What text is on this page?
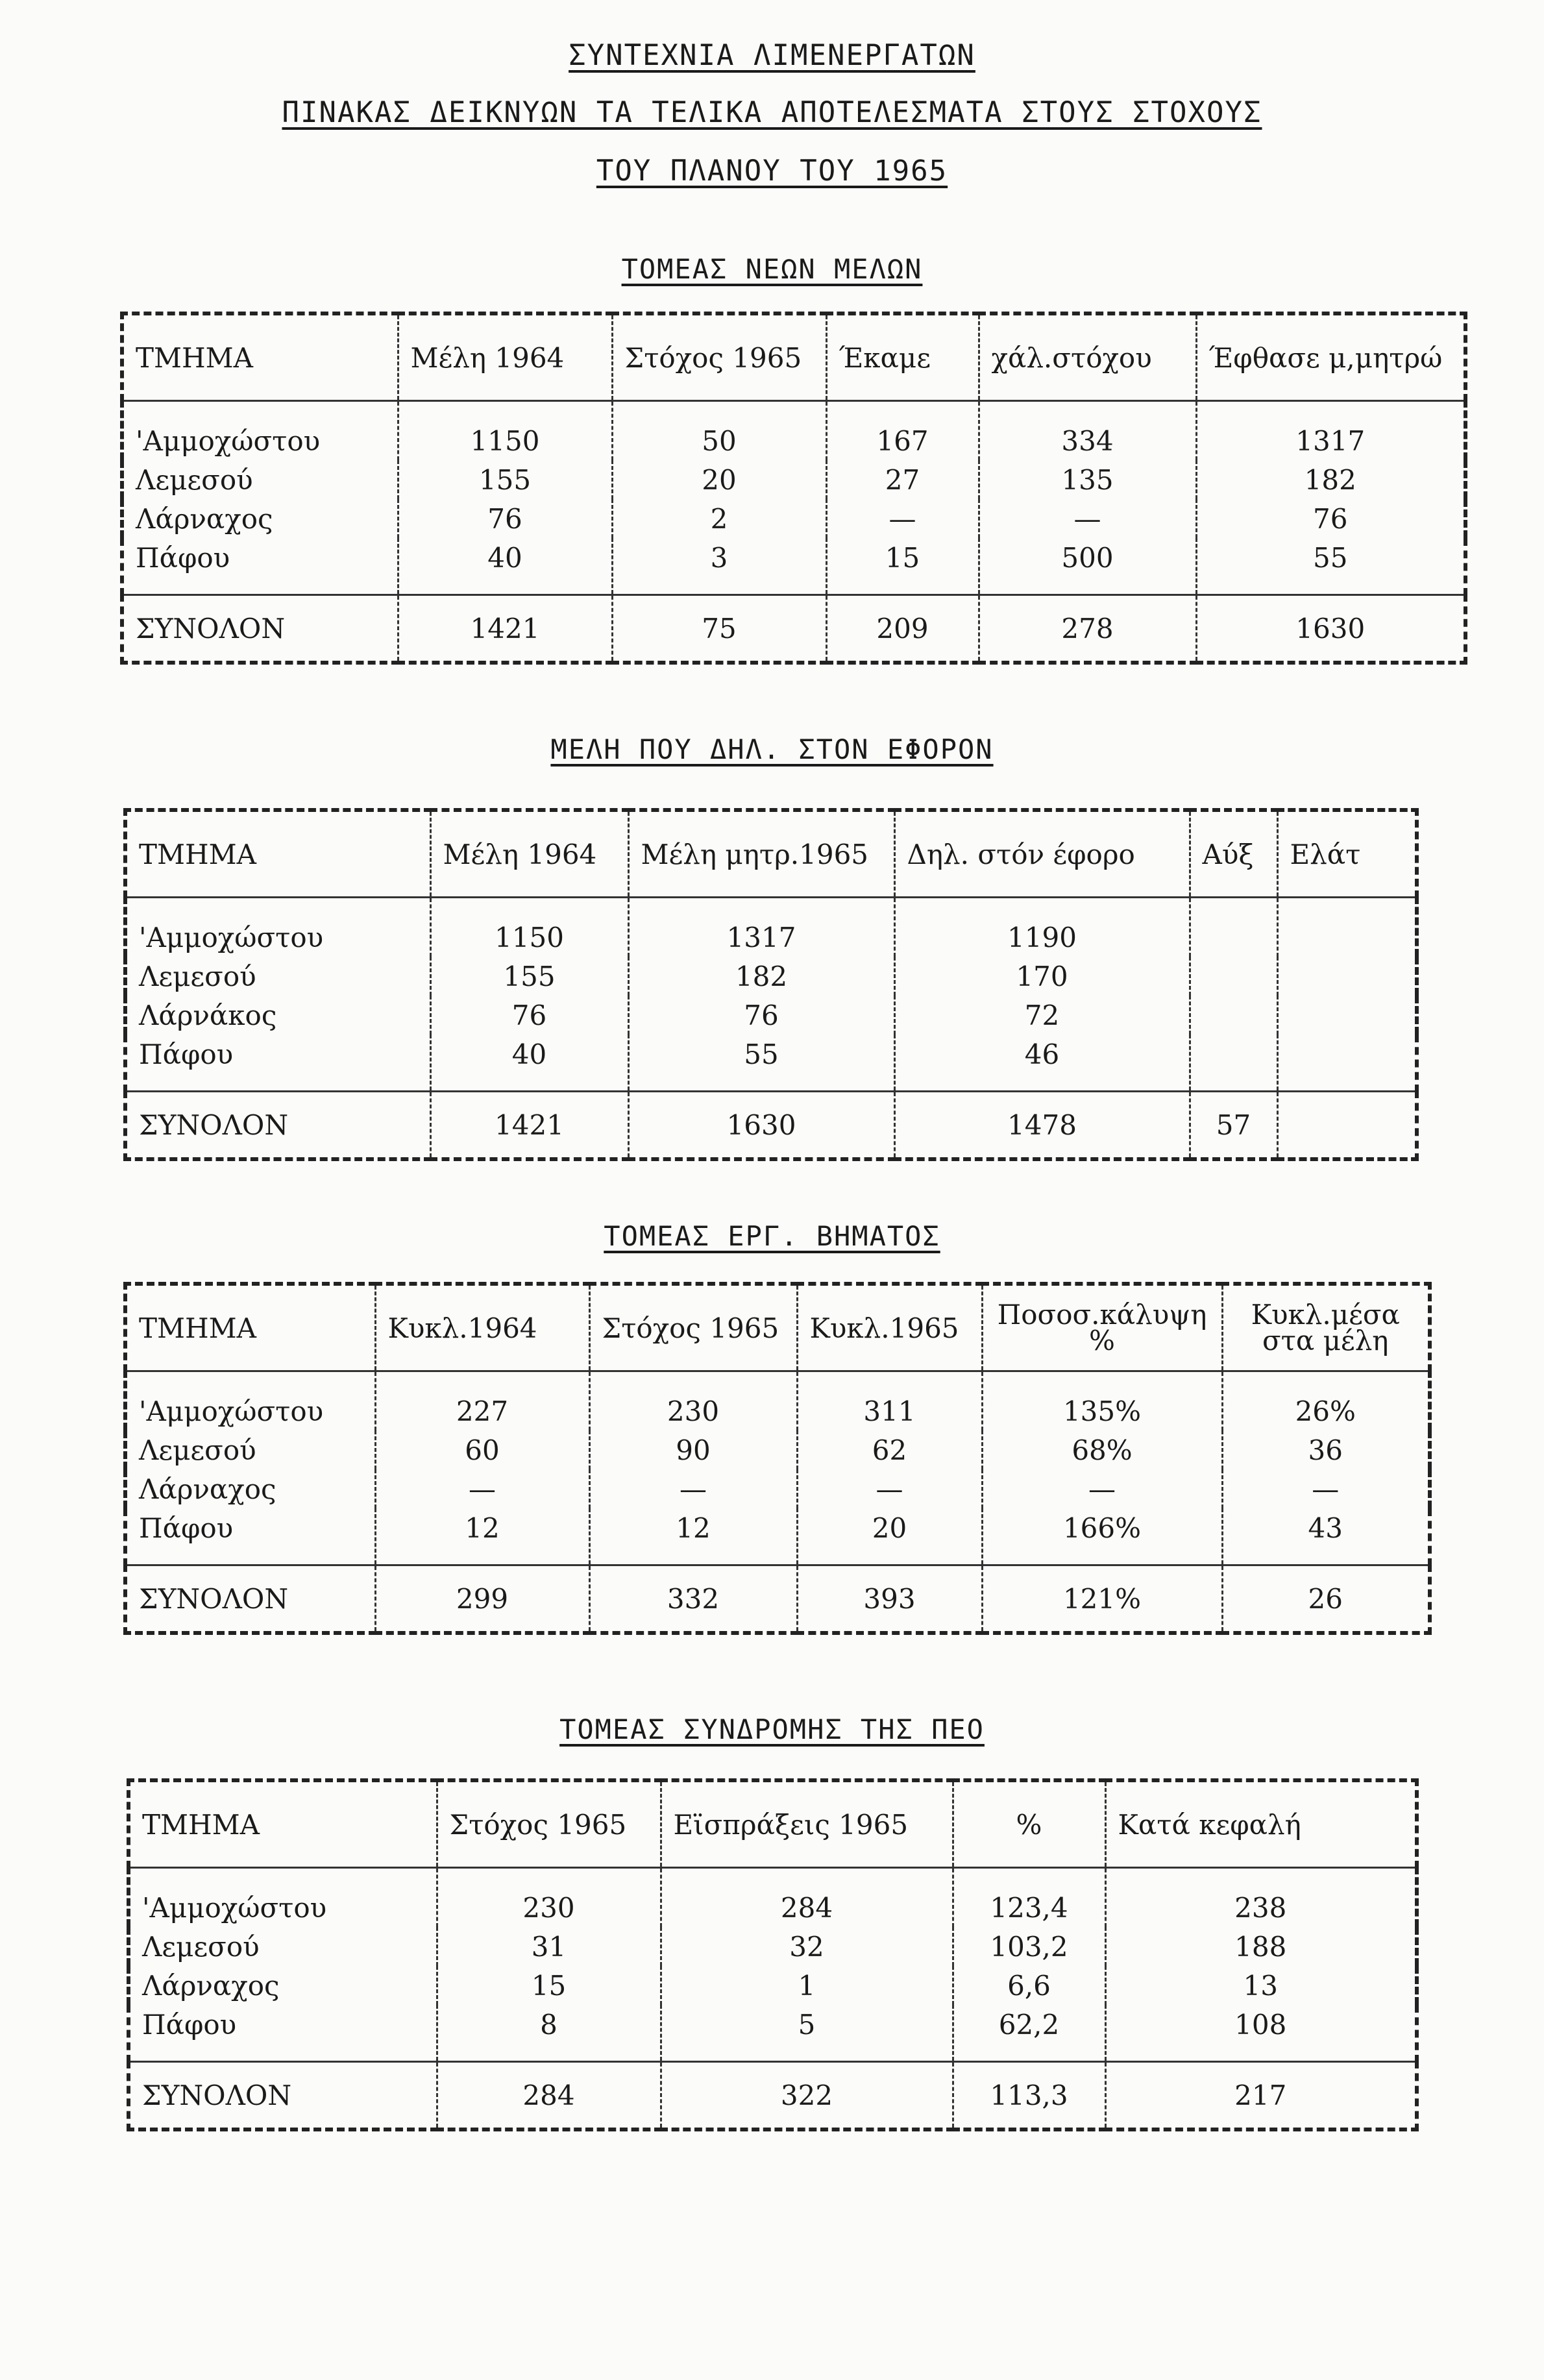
ΣΥΝΤΕΧΝΙΑ ΛΙΜΕΝΕΡΓΑΤΩΝ
ΠΙΝΑΚΑΣ ΔΕΙΚΝΥΩΝ ΤΑ ΤΕΛΙΚΑ ΑΠΟΤΕΛΕΣΜΑΤΑ ΣΤΟΥΣ ΣΤΟΧΟΥΣ
ΤΟΥ ΠΛΑΝΟΥ ΤΟΥ 1965
ΤΟΜΕΑΣ ΝΕΩΝ ΜΕΛΩΝ
ΤΜΗΜΑ	Μέλη 1964	Στόχος 1965	Έκαμε	χάλ.στόχου	Έφθασε μ,μητρώ
'Αμμοχώστου	1150	50	167	334	1317
Λεμεσού	155	20	27	135	182
Λάρναχος	76	2	—	—	76
Πάφου	40	3	15	500	55
ΣΥΝΟΛΟΝ	1421	75	209	278	1630
ΜΕΛΗ ΠΟΥ ΔΗΛ. ΣΤΟΝ ΕΦΟΡΟΝ
ΤΜΗΜΑ	Μέλη 1964	Μέλη μητρ.1965	Δηλ. στόν έφορο	Αύξ	Ελάτ
'Αμμοχώστου	1150	1317	1190		
Λεμεσού	155	182	170		
Λάρνάκος	76	76	72		
Πάφου	40	55	46		
ΣΥΝΟΛΟΝ	1421	1630	1478	57	
ΤΟΜΕΑΣ ΕΡΓ. ΒΗΜΑΤΟΣ
ΤΜΗΜΑ	Κυκλ.1964	Στόχος 1965	Κυκλ.1965	Ποσοσ.κάλυψη %	Κυκλ.μέσα στα μέλη
'Αμμοχώστου	227	230	311	135%	26%
Λεμεσού	60	90	62	68%	36
Λάρναχος	—	—	—	—	—
Πάφου	12	12	20	166%	43
ΣΥΝΟΛΟΝ	299	332	393	121%	26
ΤΟΜΕΑΣ ΣΥΝΔΡΟΜΗΣ ΤΗΣ ΠΕΟ
ΤΜΗΜΑ	Στόχος 1965	Εϊσπράξεις 1965	%	Κατά κεφαλή
'Αμμοχώστου	230	284	123,4	238
Λεμεσού	31	32	103,2	188
Λάρναχος	15	1	6,6	13
Πάφου	8	5	62,2	108
ΣΥΝΟΛΟΝ	284	322	113,3	217
